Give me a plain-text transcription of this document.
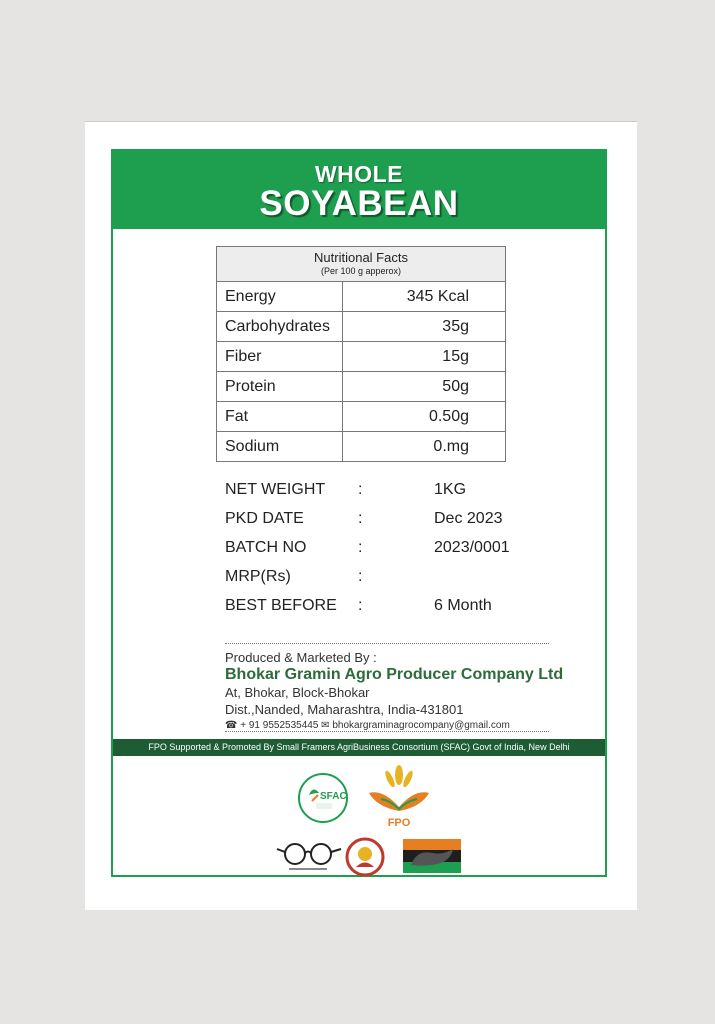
WHOLE
SOYABEAN
Nutritional Facts
(Per 100 g apperox)	

Energy	345 Kcal
Carbohydrates	35g
Fiber	15g
Protein	50g
Fat	0.50g
Sodium	0.mg
NET WEIGHT :	1KG
PKD DATE	:	Dec 2023
BATCH NO	:	2023/0001
MRP(Rs)	:
BEST BEFORE :	6 Month
Produced & Marketed By :
Bhokar Gramin Agro Producer Company Ltd
At, Bhokar, Block-Bhokar
Dist.,Nanded, Maharashtra, India-431801
☎ + 91 9552535445 ✉ bhokargraminagrocompany@gmail.com
FPO Supported & Promoted By Small Framers AgriBusiness Consortium (SFAC) Govt of India, New Delhi
SFAC
FPO
